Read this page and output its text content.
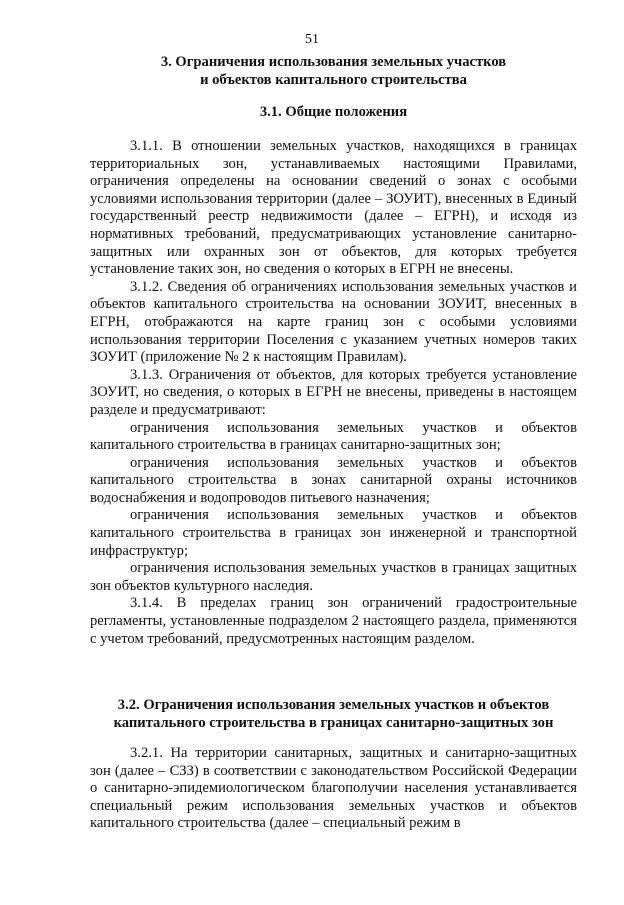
51
3. Ограничения использования земельных участков
и объектов капитального строительства
3.1. Общие положения
3.1.1. В отношении земельных участков, находящихся в границах территориальных зон, устанавливаемых настоящими Правилами, ограничения определены на основании сведений о зонах с особыми условиями использования территории (далее – ЗОУИТ), внесенных в Единый государственный реестр недвижимости (далее – ЕГРН), и исходя из нормативных требований, предусматривающих установление санитарно-защитных или охранных зон от объектов, для которых требуется установление таких зон, но сведения о которых в ЕГРН не внесены.
3.1.2. Сведения об ограничениях использования земельных участков и объектов капитального строительства на основании ЗОУИТ, внесенных в ЕГРН, отображаются на карте границ зон с особыми условиями использования территории Поселения с указанием учетных номеров таких ЗОУИТ (приложение № 2 к настоящим Правилам).
3.1.3. Ограничения от объектов, для которых требуется установление ЗОУИТ, но сведения, о которых в ЕГРН не внесены, приведены в настоящем разделе и предусматривают:
ограничения использования земельных участков и объектов капитального строительства в границах санитарно-защитных зон;
ограничения использования земельных участков и объектов капитального строительства в зонах санитарной охраны источников водоснабжения и водопроводов питьевого назначения;
ограничения использования земельных участков и объектов капитального строительства в границах зон инженерной и транспортной инфраструктур;
ограничения использования земельных участков в границах защитных зон объектов культурного наследия.
3.1.4. В пределах границ зон ограничений градостроительные регламенты, установленные подразделом 2 настоящего раздела, применяются с учетом требований, предусмотренных настоящим разделом.
3.2. Ограничения использования земельных участков и объектов
капитального строительства в границах санитарно-защитных зон
3.2.1. На территории санитарных, защитных и санитарно-защитных зон (далее – СЗЗ) в соответствии с законодательством Российской Федерации о санитарно-эпидемиологическом благополучии населения устанавливается специальный режим использования земельных участков и объектов капитального строительства (далее – специальный режим в
